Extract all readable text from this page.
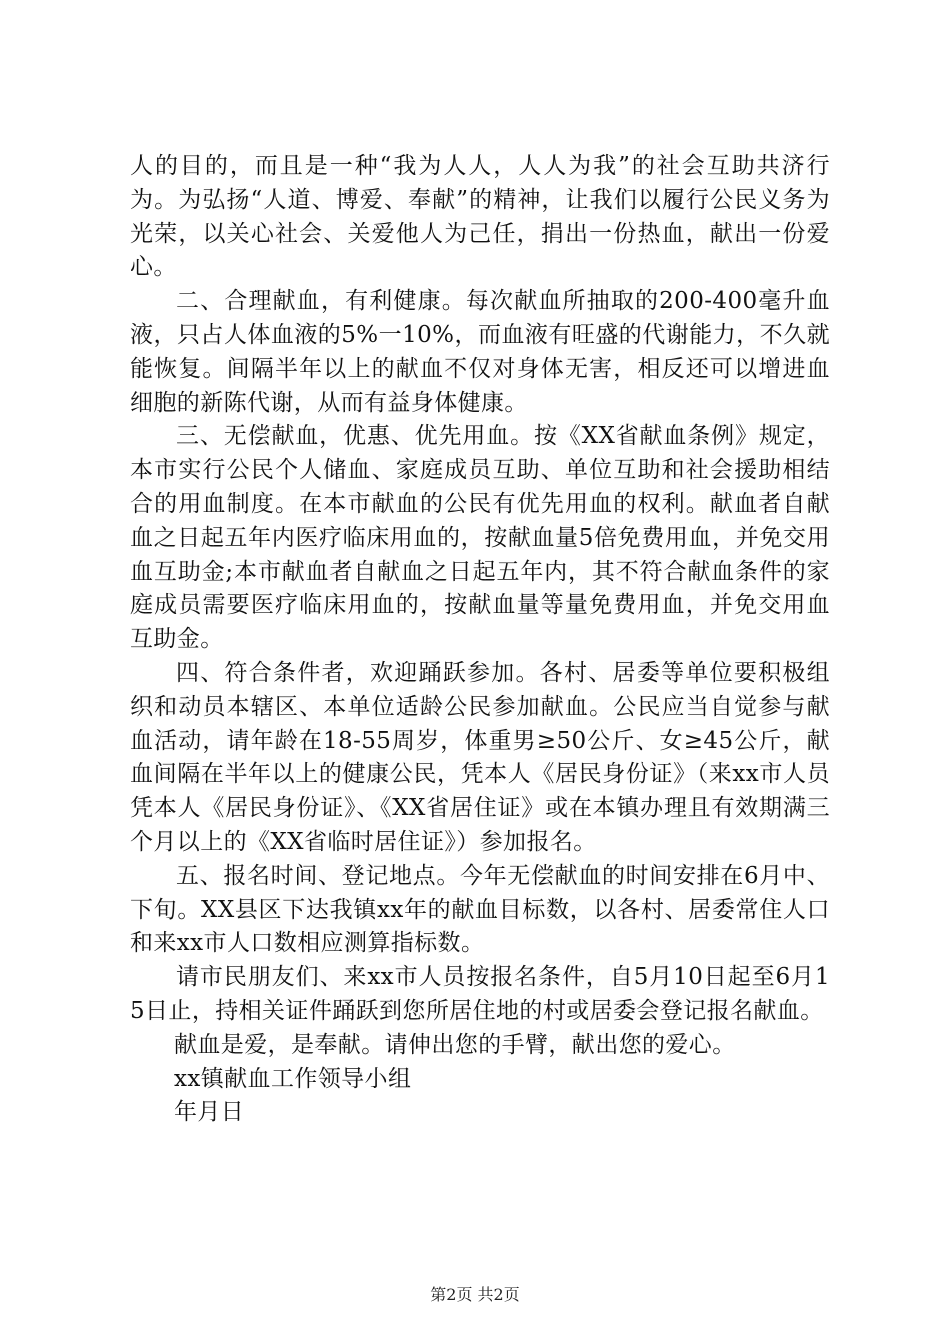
人的目的，而且是一种“我为人人，人人为我”的社会互助共济行为。为弘扬“人道、博爱、奉献”的精神，让我们以履行公民义务为光荣，以关心社会、关爱他人为己任，捐出一份热血，献出一份爱心。

二、合理献血，有利健康。每次献血所抽取的200-400毫升血液，只占人体血液的5%一10%，而血液有旺盛的代谢能力，不久就能恢复。间隔半年以上的献血不仅对身体无害，相反还可以增进血细胞的新陈代谢，从而有益身体健康。

三、无偿献血，优惠、优先用血。按《XX省献血条例》规定，本市实行公民个人储血、家庭成员互助、单位互助和社会援助相结合的用血制度。在本市献血的公民有优先用血的权利。献血者自献血之日起五年内医疗临床用血的，按献血量5倍免费用血，并免交用血互助金;本市献血者自献血之日起五年内，其不符合献血条件的家庭成员需要医疗临床用血的，按献血量等量免费用血，并免交用血互助金。

四、符合条件者，欢迎踊跃参加。各村、居委等单位要积极组织和动员本辖区、本单位适龄公民参加献血。公民应当自觉参与献血活动，请年龄在18-55周岁，体重男≥50公斤、女≥45公斤，献血间隔在半年以上的健康公民，凭本人《居民身份证》（来xx市人员凭本人《居民身份证》、《XX省居住证》或在本镇办理且有效期满三个月以上的《XX省临时居住证》）参加报名。

五、报名时间、登记地点。今年无偿献血的时间安排在6月中、下旬。XX县区下达我镇xx年的献血目标数，以各村、居委常住人口和来xx市人口数相应测算指标数。

请市民朋友们、来xx市人员按报名条件，自5月10日起至6月15日止，持相关证件踊跃到您所居住地的村或居委会登记报名献血。

献血是爱，是奉献。请伸出您的手臂，献出您的爱心。

xx镇献血工作领导小组

年月日

第2页 共2页
